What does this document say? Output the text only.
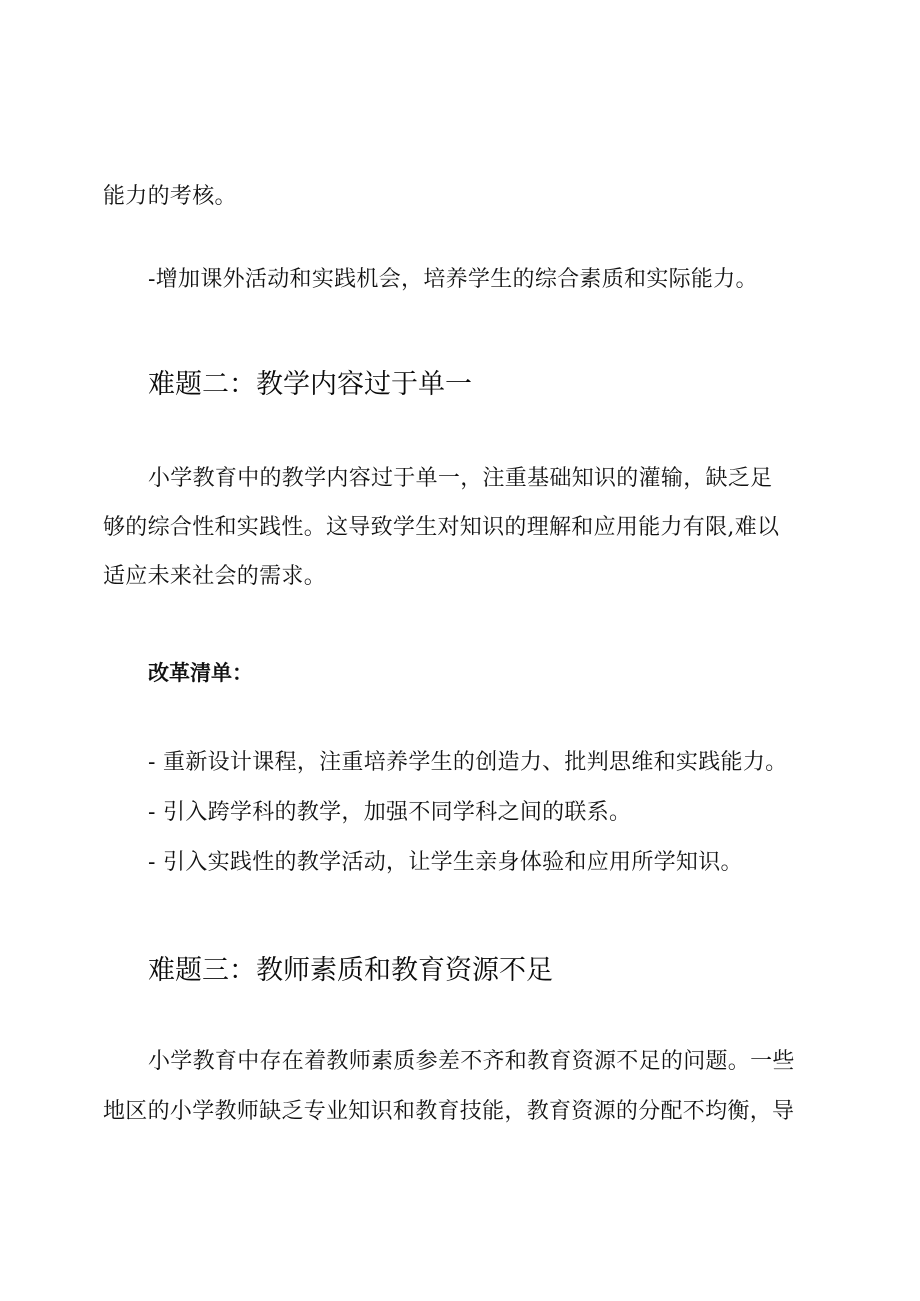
能力的考核。
-增加课外活动和实践机会，培养学生的综合素质和实际能力。
难题二：教学内容过于单一
小学教育中的教学内容过于单一，注重基础知识的灌输，缺乏足
够的综合性和实践性。这导致学生对知识的理解和应用能力有限,难以
适应未来社会的需求。
改革清单：
- 重新设计课程，注重培养学生的创造力、批判思维和实践能力。
- 引入跨学科的教学，加强不同学科之间的联系。
- 引入实践性的教学活动，让学生亲身体验和应用所学知识。
难题三：教师素质和教育资源不足
小学教育中存在着教师素质参差不齐和教育资源不足的问题。一些
地区的小学教师缺乏专业知识和教育技能，教育资源的分配不均衡，导
